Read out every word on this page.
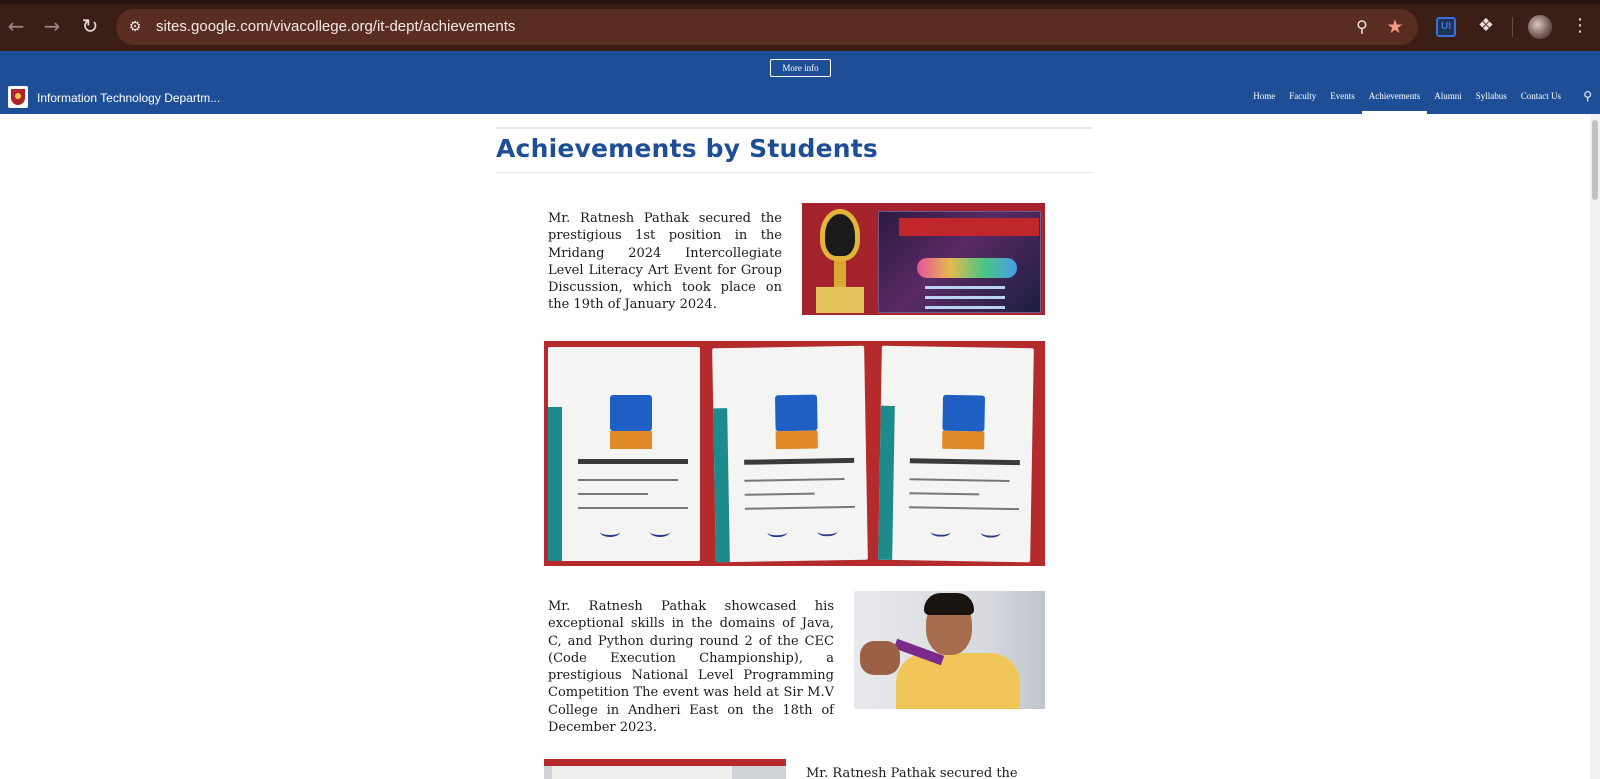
← → ↻ ⚙ sites.google.com/vivacollege.org/it-dept/achievements	⚲ ★	UI ❖	⋮
More info
Information Technology Departm...	Home	Faculty	Events	Achievements	Alumni	Syllabus	Contact Us	⚲
Achievements by Students
Mr. Ratnesh Pathak secured the prestigious 1st position in the Mridang 2024 Intercollegiate Level Literacy Art Event for Group Discussion, which took place on the 19th of January 2024.
Mr. Ratnesh Pathak showcased his exceptional skills in the domains of Java, C, and Python during round 2 of the CEC (Code Execution Championship), a prestigious National Level Programming Competition The event was held at Sir M.V College in Andheri East on the 18th of December 2023.
Mr. Ratnesh Pathak secured the
